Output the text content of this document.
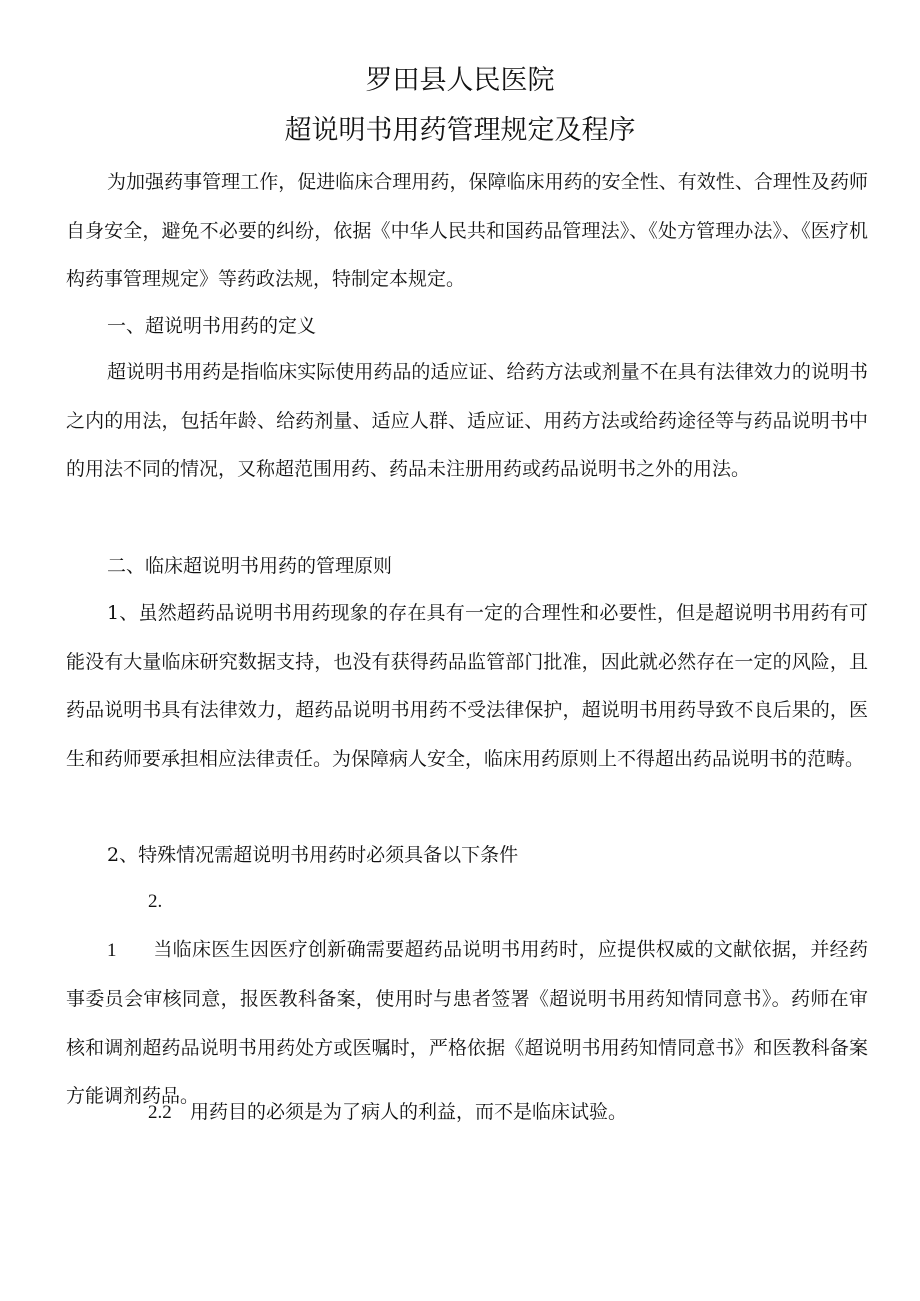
罗田县人民医院
超说明书用药管理规定及程序

为加强药事管理工作，促进临床合理用药，保障临床用药的安全性、有效性、合理性及药师自身安全，避免不必要的纠纷，依据《中华人民共和国药品管理法》、《处方管理办法》、《医疗机构药事管理规定》等药政法规，特制定本规定。

一、超说明书用药的定义

超说明书用药是指临床实际使用药品的适应证、给药方法或剂量不在具有法律效力的说明书之内的用法，包括年龄、给药剂量、适应人群、适应证、用药方法或给药途径等与药品说明书中的用法不同的情况，又称超范围用药、药品未注册用药或药品说明书之外的用法。

二、临床超说明书用药的管理原则

1、虽然超药品说明书用药现象的存在具有一定的合理性和必要性，但是超说明书用药有可能没有大量临床研究数据支持，也没有获得药品监管部门批准，因此就必然存在一定的风险，且药品说明书具有法律效力，超药品说明书用药不受法律保护，超说明书用药导致不良后果的，医生和药师要承担相应法律责任。为保障病人安全，临床用药原则上不得超出药品说明书的范畴。

2、特殊情况需超说明书用药时必须具备以下条件

2.1 当临床医生因医疗创新确需要超药品说明书用药时，应提供权威的文献依据，并经药事委员会审核同意，报医教科备案，使用时与患者签署《超说明书用药知情同意书》。药师在审核和调剂超药品说明书用药处方或医嘱时，严格依据《超说明书用药知情同意书》和医教科备案方能调剂药品。

2.2 用药目的必须是为了病人的利益，而不是临床试验。
